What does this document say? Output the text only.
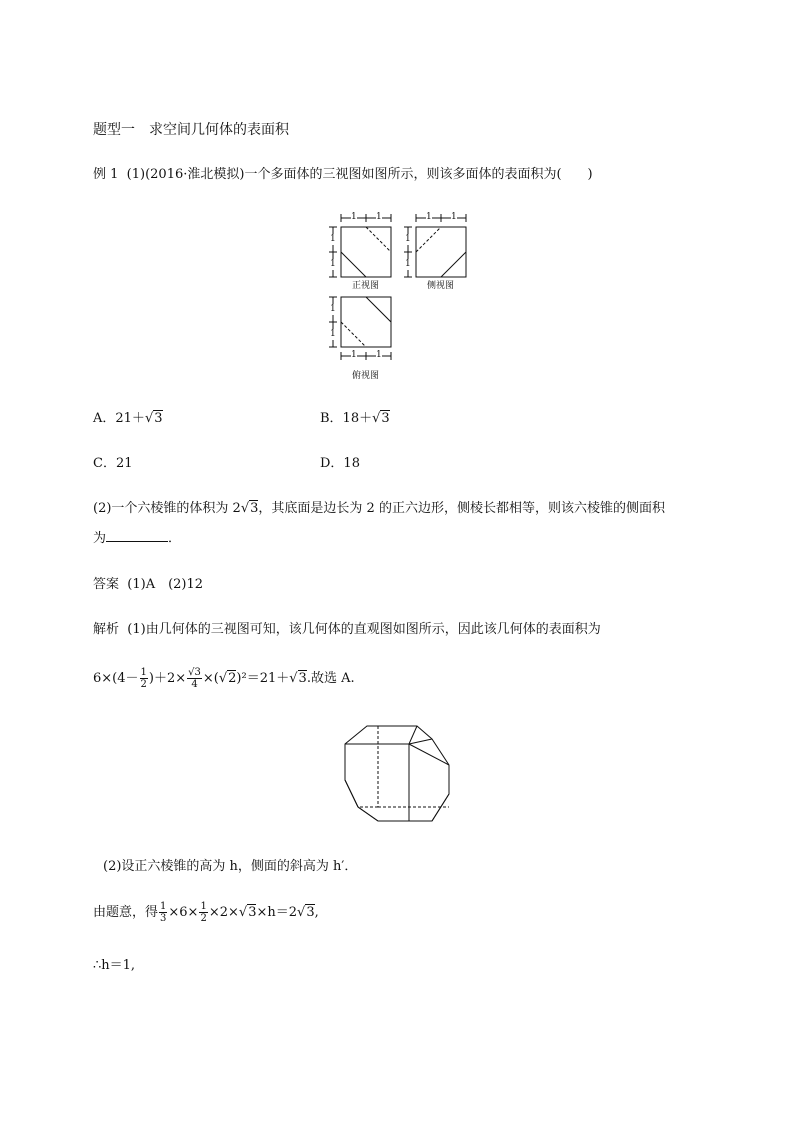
题型一　求空间几何体的表面积
例 1 (1)(2016·淮北模拟)一个多面体的三视图如图所示，则该多面体的表面积为(　　)
1 1	1 1
1
1
1
1
1
1
1 1
正视图	侧视图
俯视图
A．21＋√3	B．18＋√3
C．21	D．18
(2)一个六棱锥的体积为 2√3，其底面是边长为 2 的正六边形，侧棱长都相等，则该六棱锥的侧面积
为	．
答案 (1)A　(2)12
解析 (1)由几何体的三视图可知，该几何体的直观图如图所示，因此该几何体的表面积为
$6\times(4- \frac{1}{2} )+2\times \frac{√3}{4} \times(√2)^2=21+√3$.故选 A.
(2)设正六棱锥的高为 h，侧面的斜高为 h′．
由题意，得 $\frac{1}{3} \times 6\times \frac{1}{2} \times 2\times√3\times h=2√3$,
∴h＝1,
